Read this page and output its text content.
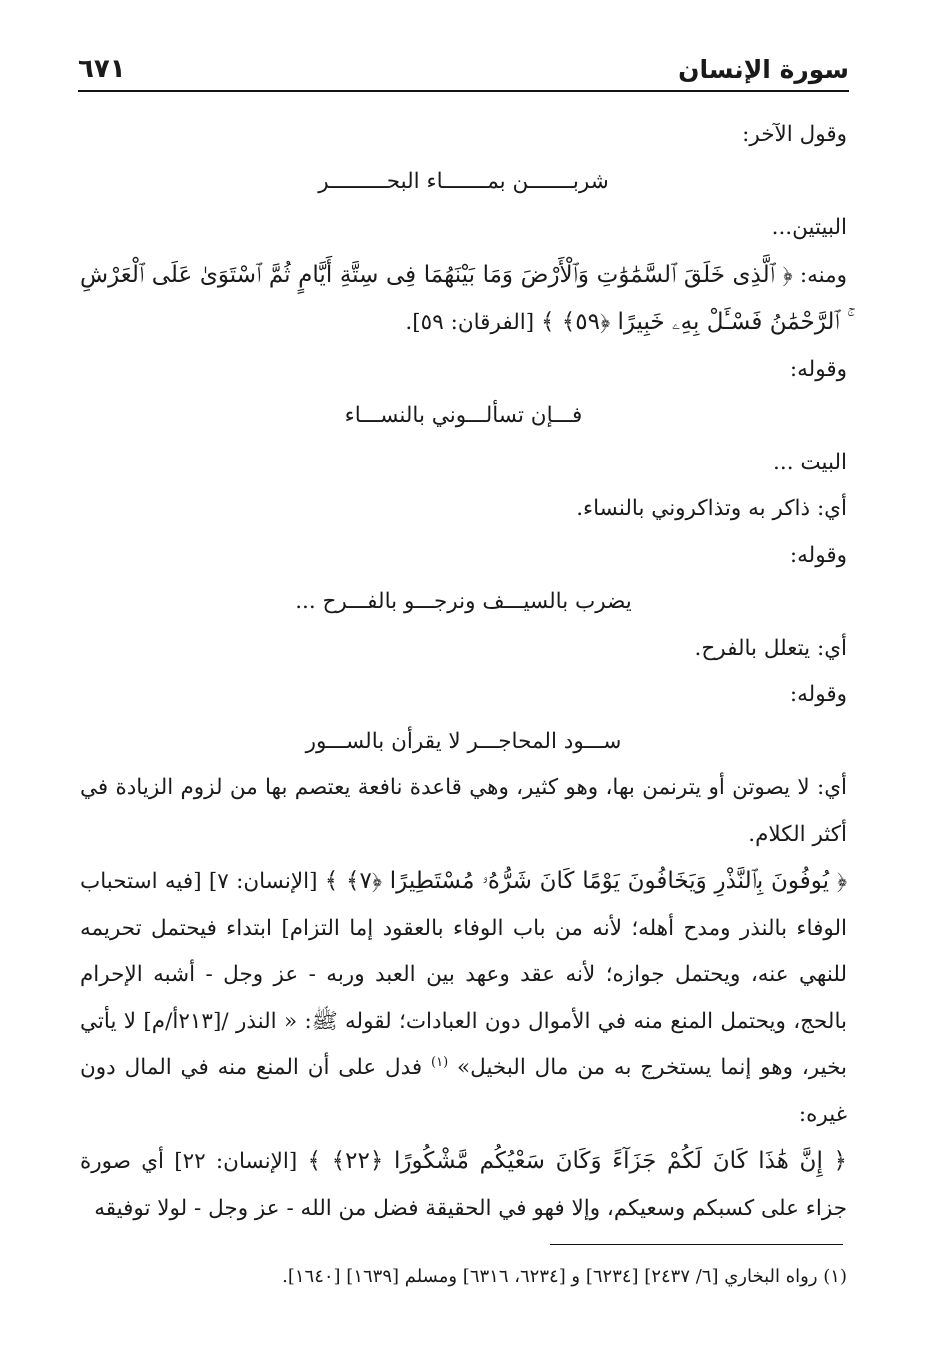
سورة الإنسان
٦٧١

وقول الآخر:

شربـــــــن بمـــــــاء البحـــــــــر

البيتين...

ومنه: ﴿ ٱلَّذِى خَلَقَ ٱلسَّمَٰوَٰتِ وَٱلْأَرْضَ وَمَا بَيْنَهُمَا فِى سِتَّةِ أَيَّامٍ ثُمَّ ٱسْتَوَىٰ عَلَى ٱلْعَرْشِ ۚ ٱلرَّحْمَٰنُ فَسْـَٔلْ بِهِۦ خَبِيرًا ﴿٥٩﴾ ﴾ [الفرقان: ٥٩].

وقوله:

فـــإن تسألـــوني بالنســـاء

البيت ...

أي: ذاكر به وتذاكروني بالنساء.

وقوله:

يضرب بالسيـــف ونرجـــو بالفـــرح ...

أي: يتعلل بالفرح.

وقوله:

ســـود المحاجـــر لا يقرأن بالســـور

أي: لا يصوتن أو يترنمن بها، وهو كثير، وهي قاعدة نافعة يعتصم بها من لزوم الزيادة في أكثر الكلام.

﴿ يُوفُونَ بِٱلنَّذْرِ وَيَخَافُونَ يَوْمًا كَانَ شَرُّهُۥ مُسْتَطِيرًا ﴿٧﴾ ﴾ [الإنسان: ٧] [فيه استحباب الوفاء بالنذر ومدح أهله؛ لأنه من باب الوفاء بالعقود إما التزام] ابتداء فيحتمل تحريمه للنهي عنه، ويحتمل جوازه؛ لأنه عقد وعهد بين العبد وربه - عز وجل - أشبه الإحرام بالحج، ويحتمل المنع منه في الأموال دون العبادات؛ لقوله ﷺ: « النذر /[٢١٣أ/م] لا يأتي بخير، وهو إنما يستخرج به من مال البخيل» $^{(١)}$ فدل على أن المنع منه في المال دون غيره:

﴿ إِنَّ هَٰذَا كَانَ لَكُمْ جَزَآءً وَكَانَ سَعْيُكُم مَّشْكُورًا ﴿٢٢﴾ ﴾ [الإنسان: ٢٢] أي صورة جزاء على كسبكم وسعيكم، وإلا فهو في الحقيقة فضل من الله - عز وجل - لولا توفيقه

(١) رواه البخاري [٦/ ٢٤٣٧] [٦٢٣٤] و [٦٢٣٤، ٦٣١٦] ومسلم [١٦٣٩] [١٦٤٠].
